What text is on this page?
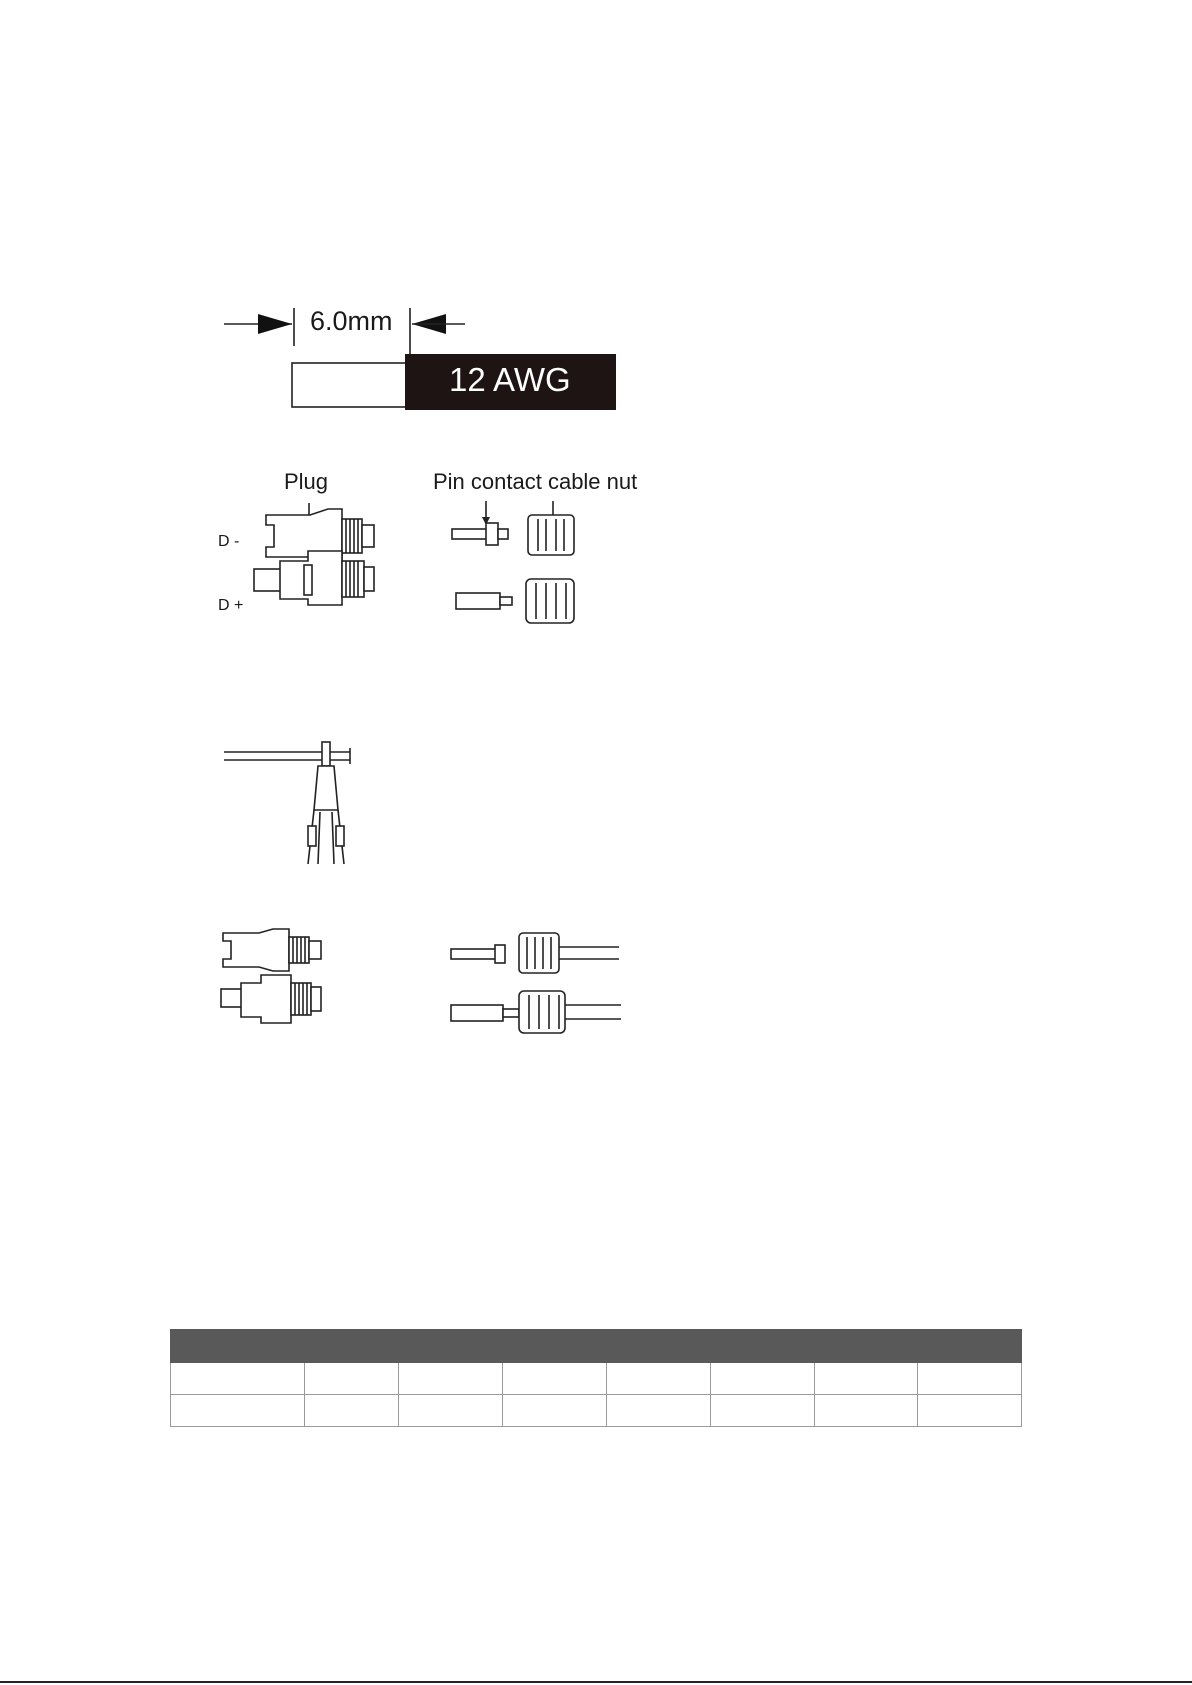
6.0mm
12 AWG
Plug	Pin contact cable nut
D -
D +
